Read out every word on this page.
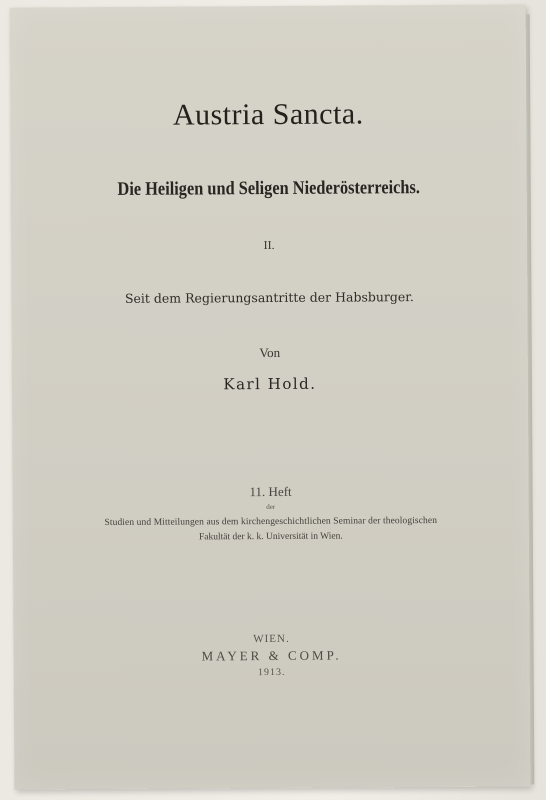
Austria Sancta.
Die Heiligen und Seligen Niederösterreichs.
II.
Seit dem Regierungsantritte der Habsburger.
Von
Karl Hold.
11. Heft
der
Studien und Mitteilungen aus dem kirchengeschichtlichen Seminar der theologischen
Fakultät der k. k. Universität in Wien.
WIEN.
MAYER & COMP.
1913.
